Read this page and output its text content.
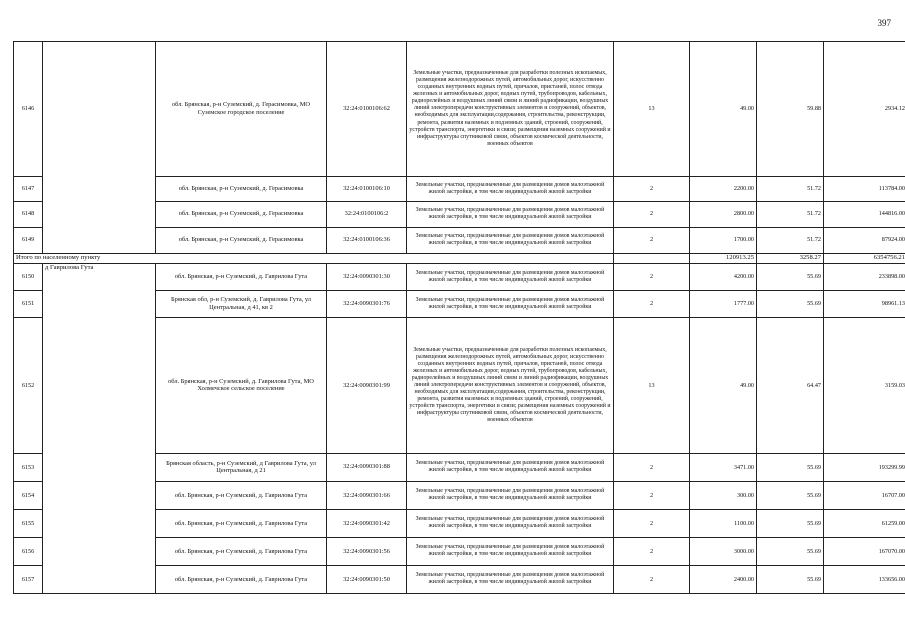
397
6146		обл. Брянская, р-н Суземский, д. Герасимовка, МО Суземское городское поселение	32:24:0100106:62	Земельные участки, предназначенные для разработки полезных ископаемых, размещения железнодорожных путей, автомобильных дорог, искусственно созданных внутренних водных путей, причалов, пристаней, полос отвода железных и автомобильных дорог, водных путей, трубопроводов, кабельных, радиорелейных и воздушных линий связи и линий радиофикации, воздушных линий электропередачи конструктивных элементов и сооружений, объектов, необходимых для эксплуатации,содержания, строительства, реконструкции, ремонта, развития наземных и подземных зданий, строений, сооружений, устройств транспорта, энергетики и связи; размещения наземных сооружений и инфраструктуры спутниковой связи, объектов космической деятельности, военных объектов	13	49.00	59.88	2934.12
6147		обл. Брянская, р-н Суземский, д. Герасимовка	32:24:0100106:10	Земельные участки, предназначенные для размещения домов малоэтажной жилой застройки, в том числе индивидуальной жилой застройки	2	2200.00	51.72	113784.00
6148		обл. Брянская, р-н Суземский, д. Герасимовка	32:24:0100106:2	Земельные участки, предназначенные для размещения домов малоэтажной жилой застройки, в том числе индивидуальной жилой застройки	2	2800.00	51.72	144816.00
6149		обл. Брянская, р-н Суземский, д. Герасимовка	32:24:0100106:36	Земельные участки, предназначенные для размещения домов малоэтажной жилой застройки, в том числе индивидуальной жилой застройки	2	1700.00	51.72	87924.00
Итого по населенному пункту						120913.25	3258.27	6354756.21
6150	д Гаврилова Гута	обл. Брянская, р-н Суземский, д. Гаврилова Гута	32:24:0090301:30	Земельные участки, предназначенные для размещения домов малоэтажной жилой застройки, в том числе индивидуальной жилой застройки	2	4200.00	55.69	233898.00
6151		Брянская обл, р-н Суземский, д. Гаврилова Гута, ул Центральная, д 41, кв 2	32:24:0090301:76	Земельные участки, предназначенные для размещения домов малоэтажной жилой застройки, в том числе индивидуальной жилой застройки	2	1777.00	55.69	98961.13
6152		обл. Брянская, р-н Суземский, д. Гаврилова Гута, МО Холмечское сельское поселение	32:24:0090301:99	Земельные участки, предназначенные для разработки полезных ископаемых, размещения железнодорожных путей, автомобильных дорог, искусственно созданных внутренних водных путей, причалов, пристаней, полос отвода железных и автомобильных дорог, водных путей, трубопроводов, кабельных, радиорелейных и воздушных линий связи и линий радиофикации, воздушных линий электропередачи конструктивных элементов и сооружений, объектов, необходимых для эксплуатации,содержания, строительства, реконструкции, ремонта, развития наземных и подземных зданий, строений, сооружений, устройств транспорта, энергетики и связи; размещения наземных сооружений и инфраструктуры спутниковой связи, объектов космической деятельности, военных объектов	13	49.00	64.47	3159.03
6153		Брянская область, р-н Суземский, д Гаврилова Гута, ул Центральная, д 21	32:24:0090301:88	Земельные участки, предназначенные для размещения домов малоэтажной жилой застройки, в том числе индивидуальной жилой застройки	2	3471.00	55.69	193299.99
6154		обл. Брянская, р-н Суземский, д. Гаврилова Гута	32:24:0090301:66	Земельные участки, предназначенные для размещения домов малоэтажной жилой застройки, в том числе индивидуальной жилой застройки	2	300.00	55.69	16707.00
6155		обл. Брянская, р-н Суземский, д. Гаврилова Гута	32:24:0090301:42	Земельные участки, предназначенные для размещения домов малоэтажной жилой застройки, в том числе индивидуальной жилой застройки	2	1100.00	55.69	61259.00
6156		обл. Брянская, р-н Суземский, д. Гаврилова Гута	32:24:0090301:56	Земельные участки, предназначенные для размещения домов малоэтажной жилой застройки, в том числе индивидуальной жилой застройки	2	3000.00	55.69	167070.00
6157		обл. Брянская, р-н Суземский, д. Гаврилова Гута	32:24:0090301:50	Земельные участки, предназначенные для размещения домов малоэтажной жилой застройки, в том числе индивидуальной жилой застройки	2	2400.00	55.69	133656.00
